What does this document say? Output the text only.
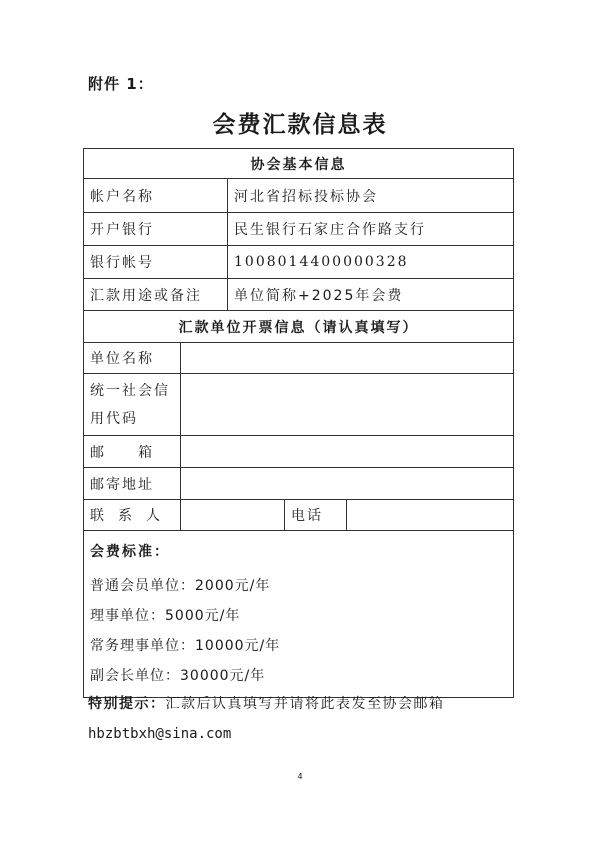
附件 1：
会费汇款信息表
协会基本信息				
帐户名称		河北省招标投标协会		
开户银行		民生银行石家庄合作路支行		
银行帐号		1008014400000328		
汇款用途或备注		单位简称+2025年会费		
汇款单位开票信息（请认真填写）				
单位名称				
统一社会信用代码				
邮　　箱				
邮寄地址				
联系人			电话	

会费标准：
普通会员单位：2000元/年
理事单位：5000元/年
常务理事单位：10000元/年
副会长单位：30000元/年				
特别提示：汇款后认真填写并请将此表发至协会邮箱
hbzbtbxh@sina.com
4
